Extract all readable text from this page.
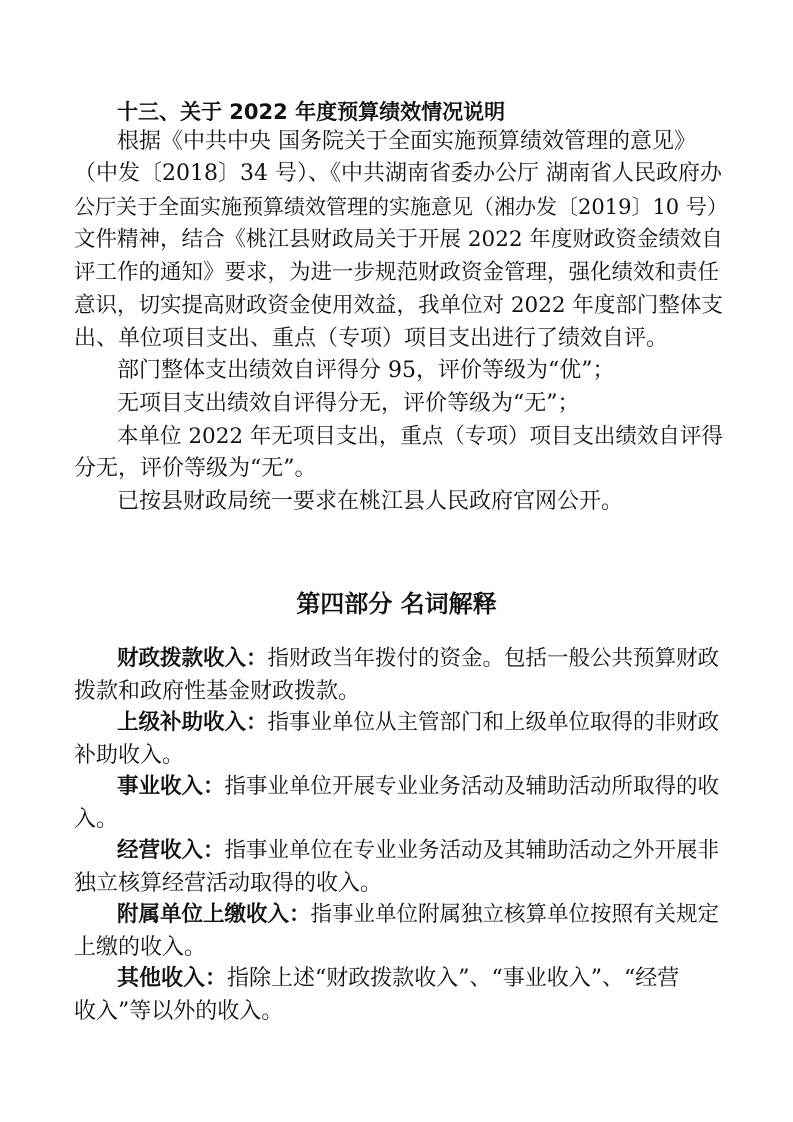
十三、关于 2022 年度预算绩效情况说明
根据《中共中央 国务院关于全面实施预算绩效管理的意见》
（中发〔2018〕34 号）、《中共湖南省委办公厅 湖南省人民政府办
公厅关于全面实施预算绩效管理的实施意见（湘办发〔2019〕10 号）
文件精神，结合《桃江县财政局关于开展 2022 年度财政资金绩效自
评工作的通知》要求，为进一步规范财政资金管理，强化绩效和责任
意识，切实提高财政资金使用效益，我单位对 2022 年度部门整体支
出、单位项目支出、重点（专项）项目支出进行了绩效自评。
部门整体支出绩效自评得分 95，评价等级为“优”；
无项目支出绩效自评得分无，评价等级为“无”；
本单位 2022 年无项目支出，重点（专项）项目支出绩效自评得
分无，评价等级为“无”。
已按县财政局统一要求在桃江县人民政府官网公开。
第四部分 名词解释
财政拨款收入：指财政当年拨付的资金。包括一般公共预算财政
拨款和政府性基金财政拨款。
上级补助收入：指事业单位从主管部门和上级单位取得的非财政
补助收入。
事业收入：指事业单位开展专业业务活动及辅助活动所取得的收
入。
经营收入：指事业单位在专业业务活动及其辅助活动之外开展非
独立核算经营活动取得的收入。
附属单位上缴收入：指事业单位附属独立核算单位按照有关规定
上缴的收入。
其他收入：指除上述“财政拨款收入”、“事业收入”、“经营
收入”等以外的收入。
